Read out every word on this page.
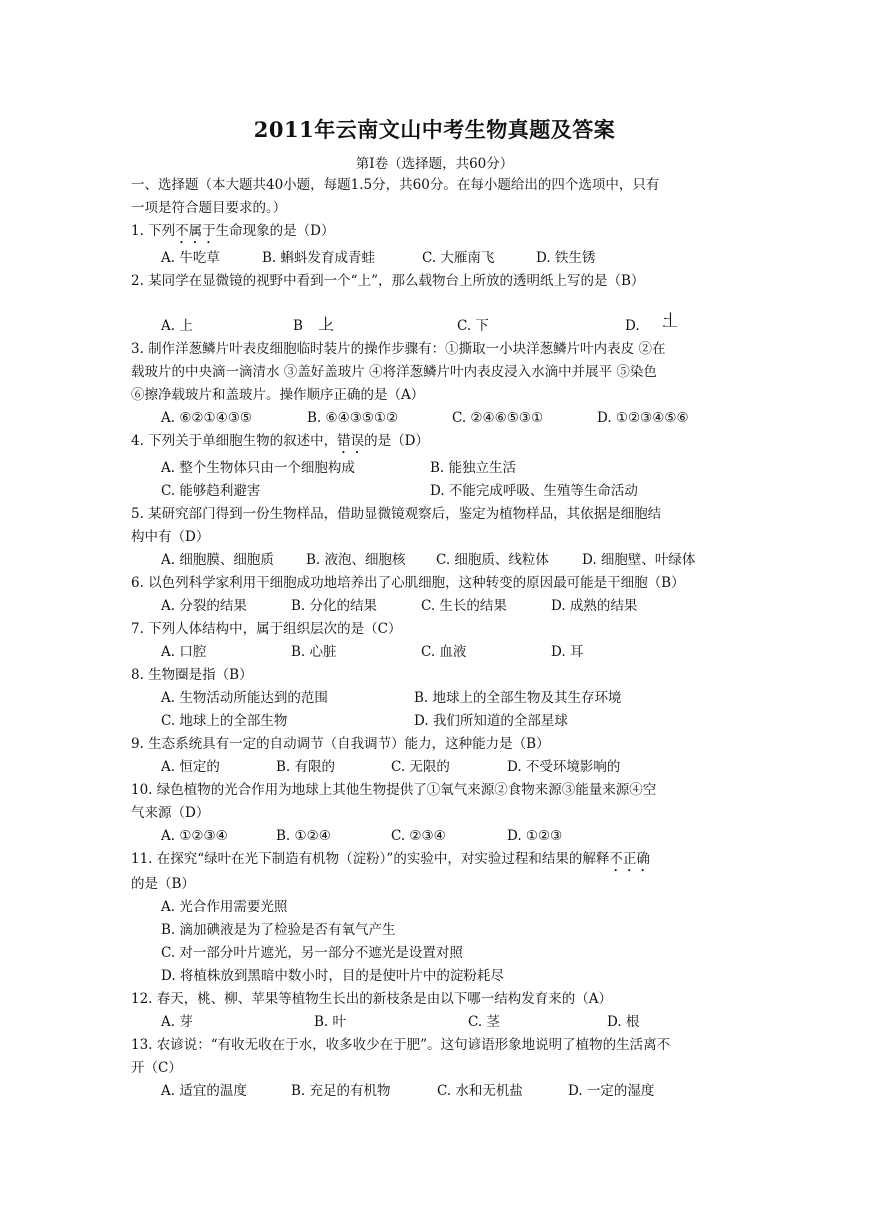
2011年云南文山中考生物真题及答案
第Ⅰ卷（选择题，共60分）
一、选择题（本大题共40小题，每题1.5分，共60分。在每小题给出的四个选项中，只有
一项是符合题目要求的。）
1. 下列不属于生命现象的是（D）
A. 牛吃草	B. 蝌蚪发育成青蛙	C. 大雁南飞	D. 铁生锈
2. 某同学在显微镜的视野中看到一个“上”，那么载物台上所放的透明纸上写的是（B）
A. 上	B 下	C. 下	D. 上
3. 制作洋葱鳞片叶表皮细胞临时装片的操作步骤有：①撕取一小块洋葱鳞片叶内表皮 ②在
载玻片的中央滴一滴清水 ③盖好盖玻片 ④将洋葱鳞片叶内表皮浸入水滴中并展平 ⑤染色
⑥擦净载玻片和盖玻片。操作顺序正确的是（A）
A. ⑥②①④③⑤	B. ⑥④③⑤①②	C. ②④⑥⑤③①	D. ①②③④⑤⑥
4. 下列关于单细胞生物的叙述中，错误的是（D）
A. 整个生物体只由一个细胞构成	B. 能独立生活
C. 能够趋利避害	D. 不能完成呼吸、生殖等生命活动
5. 某研究部门得到一份生物样品，借助显微镜观察后，鉴定为植物样品，其依据是细胞结
构中有（D）
A. 细胞膜、细胞质 B. 液泡、细胞核 C. 细胞质、线粒体 D. 细胞壁、叶绿体
6. 以色列科学家利用干细胞成功地培养出了心肌细胞，这种转变的原因最可能是干细胞（B）
A. 分裂的结果	B. 分化的结果	C. 生长的结果	D. 成熟的结果
7. 下列人体结构中，属于组织层次的是（C）
A. 口腔	B. 心脏	C. 血液	D. 耳
8. 生物圈是指（B）
A. 生物活动所能达到的范围	B. 地球上的全部生物及其生存环境
C. 地球上的全部生物	D. 我们所知道的全部星球
9. 生态系统具有一定的自动调节（自我调节）能力，这种能力是（B）
A. 恒定的	B. 有限的	C. 无限的	D. 不受环境影响的
10. 绿色植物的光合作用为地球上其他生物提供了①氧气来源②食物来源③能量来源④空
气来源（D）
A. ①②③④	B. ①②④	C. ②③④	D. ①②③
11. 在探究“绿叶在光下制造有机物（淀粉）”的实验中，对实验过程和结果的解释不正确
的是（B）
A. 光合作用需要光照
B. 滴加碘液是为了检验是否有氧气产生
C. 对一部分叶片遮光，另一部分不遮光是设置对照
D. 将植株放到黑暗中数小时，目的是使叶片中的淀粉耗尽
12. 春天，桃、柳、苹果等植物生长出的新枝条是由以下哪一结构发育来的（A）
A. 芽	B. 叶	C. 茎	D. 根
13. 农谚说：“有收无收在于水，收多收少在于肥”。这句谚语形象地说明了植物的生活离不
开（C）
A. 适宜的温度	B. 充足的有机物	C. 水和无机盐	D. 一定的湿度
